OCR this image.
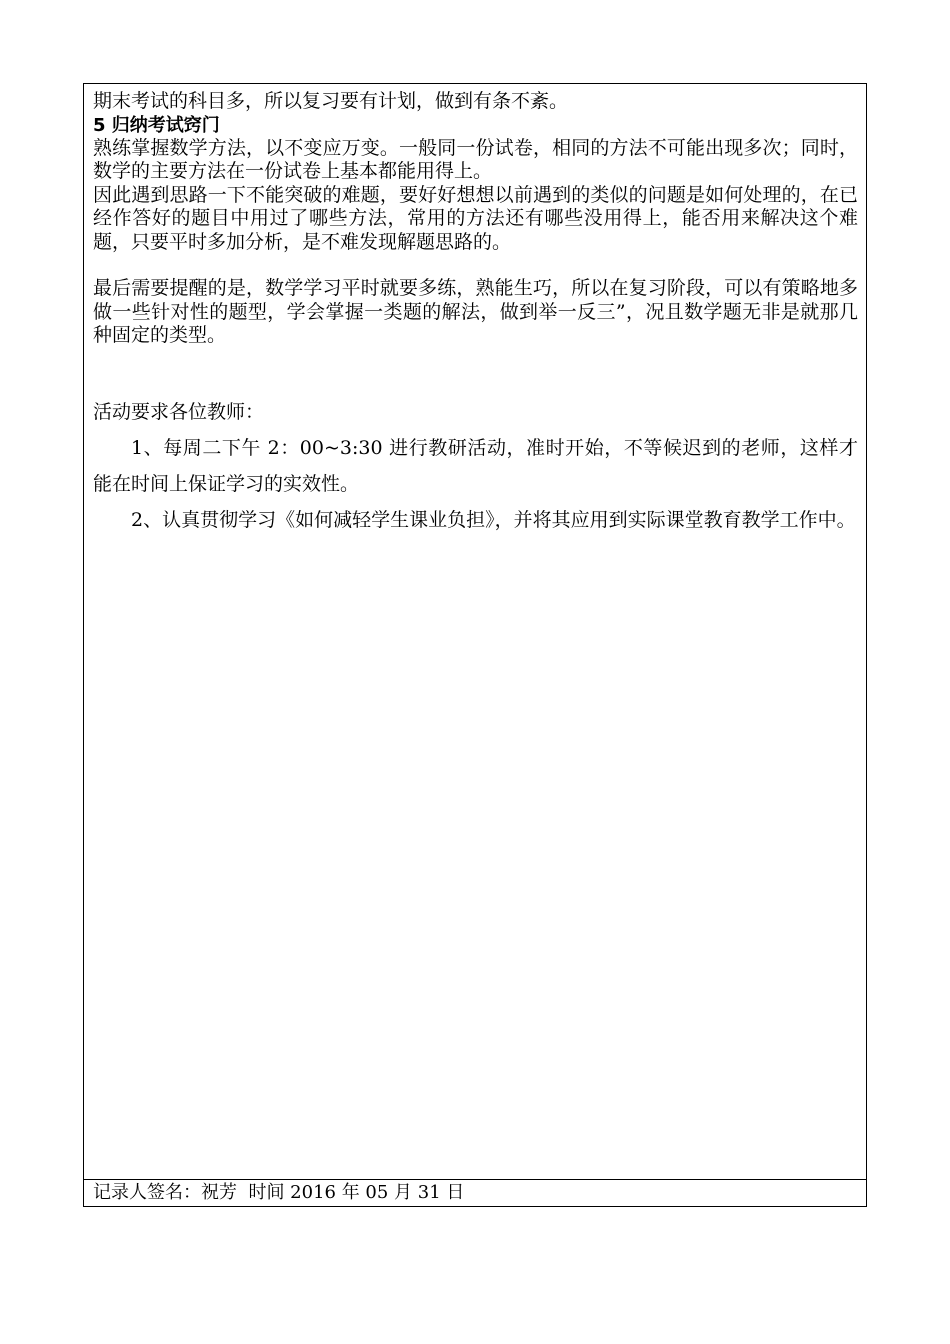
期末考试的科目多，所以复习要有计划，做到有条不紊。

5 归纳考试窍门

熟练掌握数学方法，以不变应万变。一般同一份试卷，相同的方法不可能出现多次；同时，数学的主要方法在一份试卷上基本都能用得上。

因此遇到思路一下不能突破的难题，要好好想想以前遇到的类似的问题是如何处理的，在已经作答好的题目中用过了哪些方法，常用的方法还有哪些没用得上，能否用来解决这个难题，只要平时多加分析，是不难发现解题思路的。

最后需要提醒的是，数学学习平时就要多练，熟能生巧，所以在复习阶段，可以有策略地多做一些针对性的题型，学会掌握一类题的解法，做到举一反三”，况且数学题无非是就那几种固定的类型。

活动要求各位教师：

1、每周二下午 2：00~3:30 进行教研活动，准时开始，不等候迟到的老师，这样才能在时间上保证学习的实效性。

2、认真贯彻学习《如何减轻学生课业负担》，并将其应用到实际课堂教育教学工作中。

记录人签名：祝芳  时间 2016 年 05 月 31 日
